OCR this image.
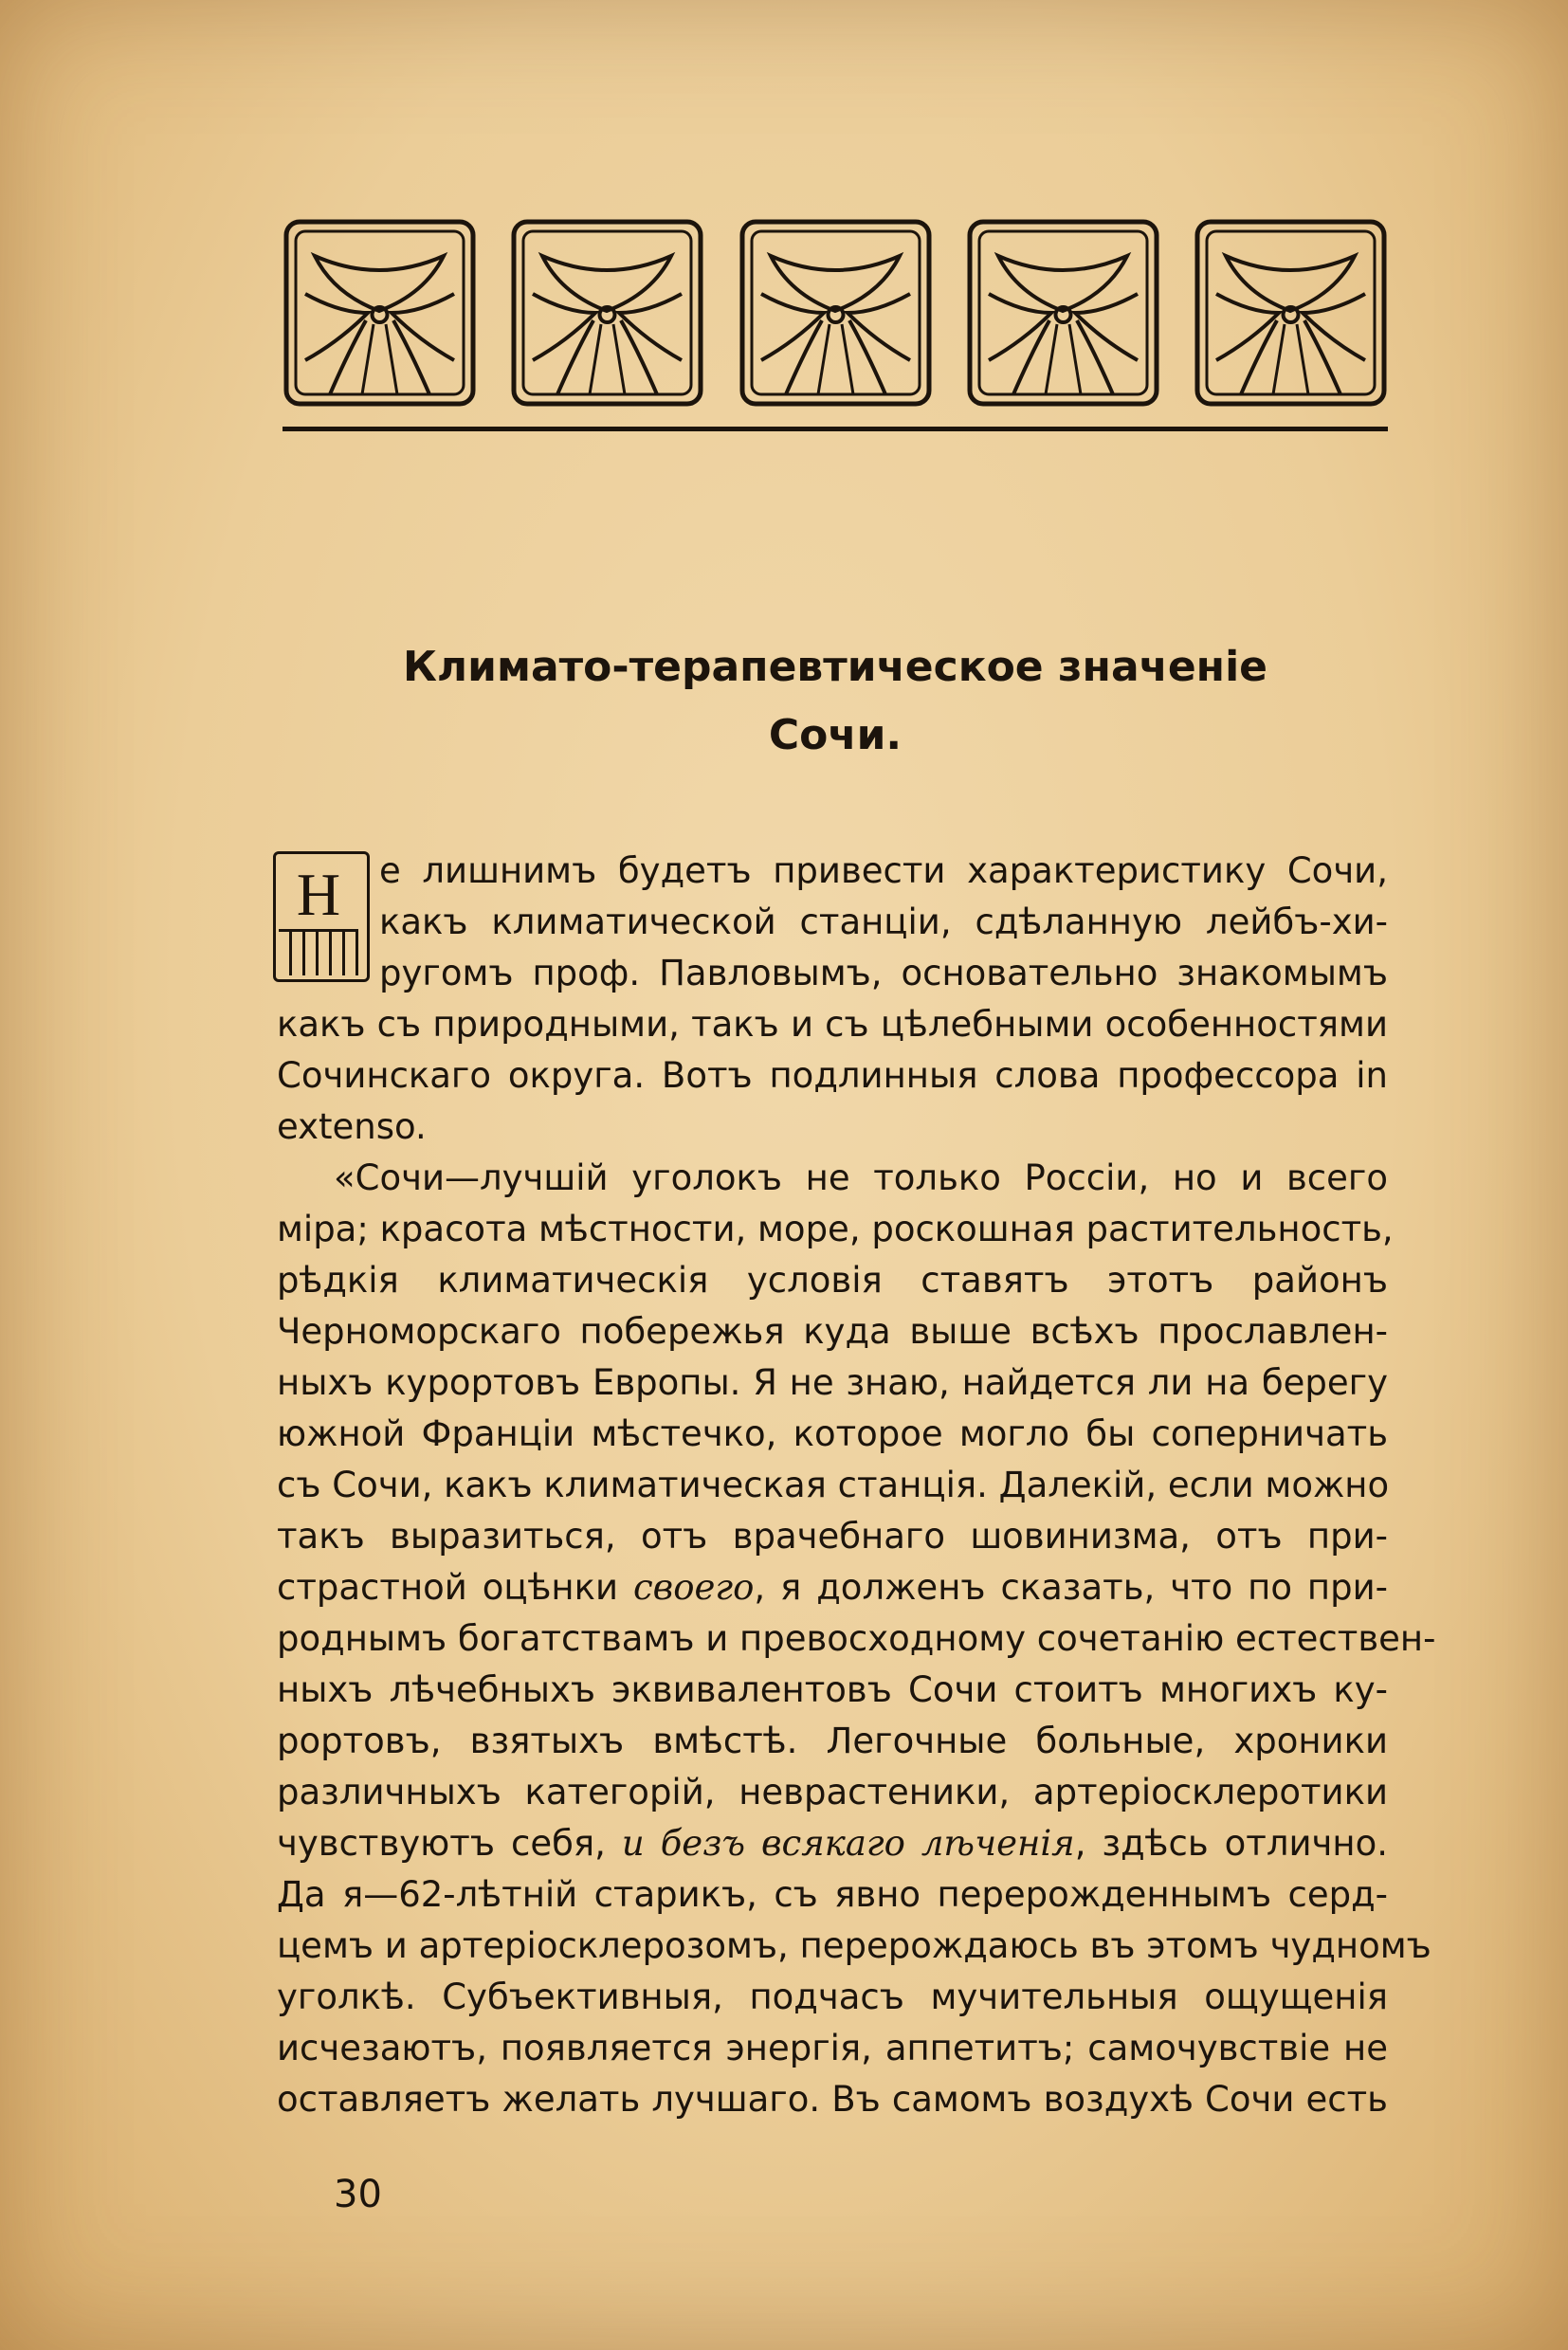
Климато-терапевтическое значеніе
Сочи.
Н	е лишнимъ будетъ привести характеристику Сочи,
какъ климатической станціи, сдѣланную лейбъ-хи-
ругомъ проф. Павловымъ, основательно знакомымъ
какъ съ природными, такъ и съ цѣлебными особенностями
Сочинскаго округа. Вотъ подлинныя слова профессора in
extenso.
«Сочи—лучшій уголокъ не только Россіи, но и всего
міра; красота мѣстности, море, роскошная растительность,
рѣдкія климатическія условія ставятъ этотъ районъ
Черноморскаго побережья куда выше всѣхъ прославлен-
ныхъ курортовъ Европы. Я не знаю, найдется ли на берегу
южной Франціи мѣстечко, которое могло бы соперничать
съ Сочи, какъ климатическая станція. Далекій, если можно
такъ выразиться, отъ врачебнаго шовинизма, отъ при-
страстной оцѣнки своего, я долженъ сказать, что по при-
роднымъ богатствамъ и превосходному сочетанію естествен-
ныхъ лѣчебныхъ эквивалентовъ Сочи стоитъ многихъ ку-
рортовъ, взятыхъ вмѣстѣ. Легочные больные, хроники
различныхъ категорій, неврастеники, артеріосклеротики
чувствуютъ себя, и безъ всякаго лѣченія, здѣсь отлично.
Да я—62-лѣтній старикъ, съ явно перерожденнымъ серд-
цемъ и артеріосклерозомъ, перерождаюсь въ этомъ чудномъ
уголкѣ. Субъективныя, подчасъ мучительныя ощущенія
исчезаютъ, появляется энергія, аппетитъ; самочувствіе не
оставляетъ желать лучшаго. Въ самомъ воздухѣ Сочи есть
30
